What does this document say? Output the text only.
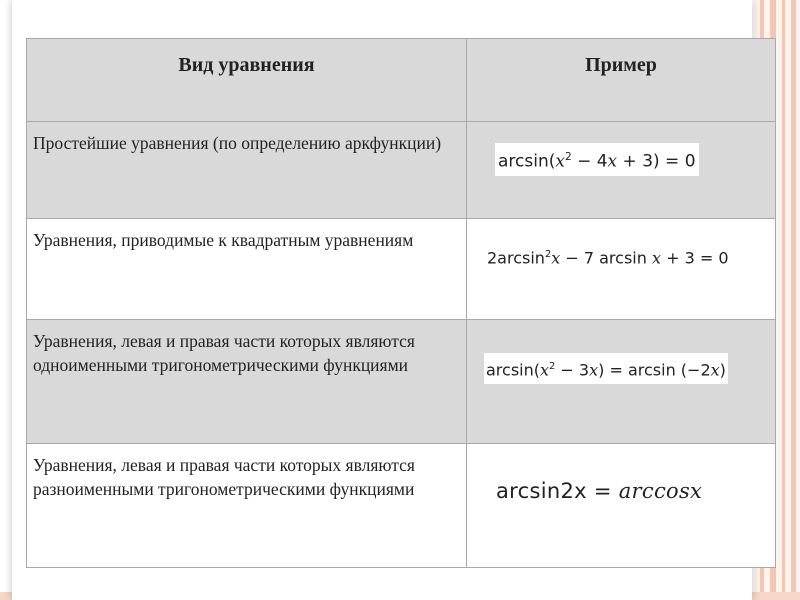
Вид уравнения	Пример
Простейшие уравнения (по определению аркфункции)	$\arcsin(x^2 - 4x + 3) = 0$

Уравнения, приводимые к квадратным уравнениям	$2\arcsin^2x - 7$ arcsin x + 3 = 0

Уравнения, левая и правая части которых являются одноименными тригонометрическими функциями	$\arcsin(x^2 - 3x) = \arcsin (-2x)$

Уравнения, левая и правая части которых являются разноименными тригонометрическими функциями	arcsin2x = arccosx
